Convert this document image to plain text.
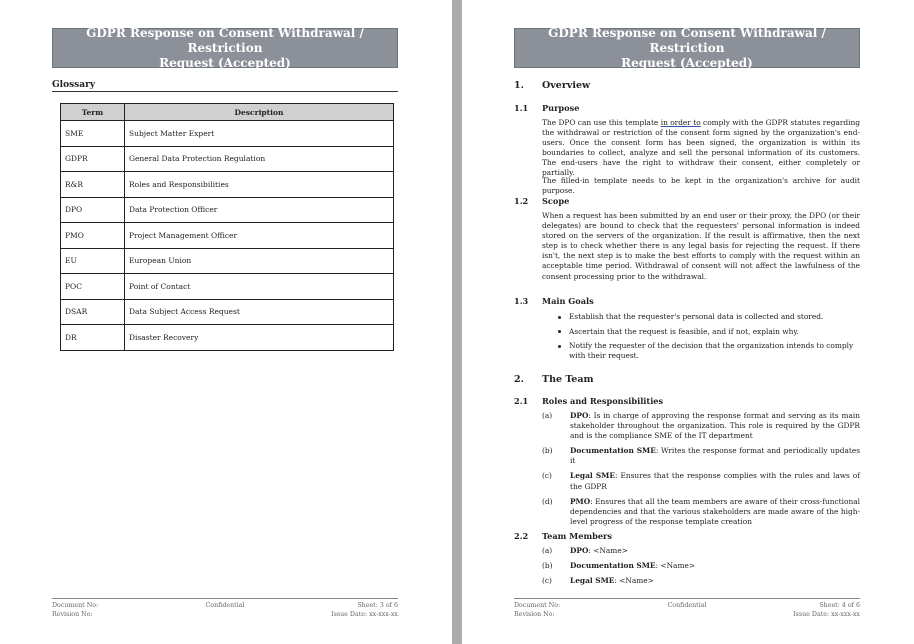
GDPR Response on Consent Withdrawal / Restriction
Request (Accepted)
Glossary
Term	Description
SME	Subject Matter Expert
GDPR	General Data Protection Regulation
R&R	Roles and Responsibilities
DPO	Data Protection Officer
PMO	Project Management Officer
EU	European Union
POC	Point of Contact
DSAR	Data Subject Access Request
DR	Disaster Recovery
Document No:	Confidential	Sheet: 3 of 6
Revision No:	Issue Date: xx-xxx-xx
GDPR Response on Consent Withdrawal / Restriction
Request (Accepted)
1. Overview
1.1 Purpose
The DPO can use this template in order to comply with the GDPR statutes regarding the withdrawal or restriction of the consent form signed by the organization's end-users. Once the consent form has been signed, the organization is within its boundaries to collect, analyze and sell the personal information of its customers. The end-users have the right to withdraw their consent, either completely or partially.
The filled-in template needs to be kept in the organization's archive for audit purpose.
1.2 Scope
When a request has been submitted by an end user or their proxy, the DPO (or their delegates) are bound to check that the requesters' personal information is indeed stored on the servers of the organization. If the result is affirmative, then the next step is to check whether there is any legal basis for rejecting the request. If there isn't, the next step is to make the best efforts to comply with the request within an acceptable time period. Withdrawal of consent will not affect the lawfulness of the consent processing prior to the withdrawal.
1.3 Main Goals
Establish that the requester's personal data is collected and stored.
Ascertain that the request is feasible, and if not, explain why.
Notify the requester of the decision that the organization intends to comply with their request.
2. The Team
2.1 Roles and Responsibilities
(a)	DPO: Is in charge of approving the response format and serving as its main stakeholder throughout the organization. This role is required by the GDPR and is the compliance SME of the IT department
(b)	Documentation SME: Writes the response format and periodically updates it
(c)	Legal SME: Ensures that the response complies with the rules and laws of the GDPR
(d)	PMO: Ensures that all the team members are aware of their cross-functional dependencies and that the various stakeholders are made aware of the high-level progress of the response template creation
2.2 Team Members
(a)	DPO: <Name>
(b)	Documentation SME: <Name>
(c)	Legal SME: <Name>
Document No:	Confidential	Sheet: 4 of 6
Revision No:	Issue Date: xx-xxx-xx
